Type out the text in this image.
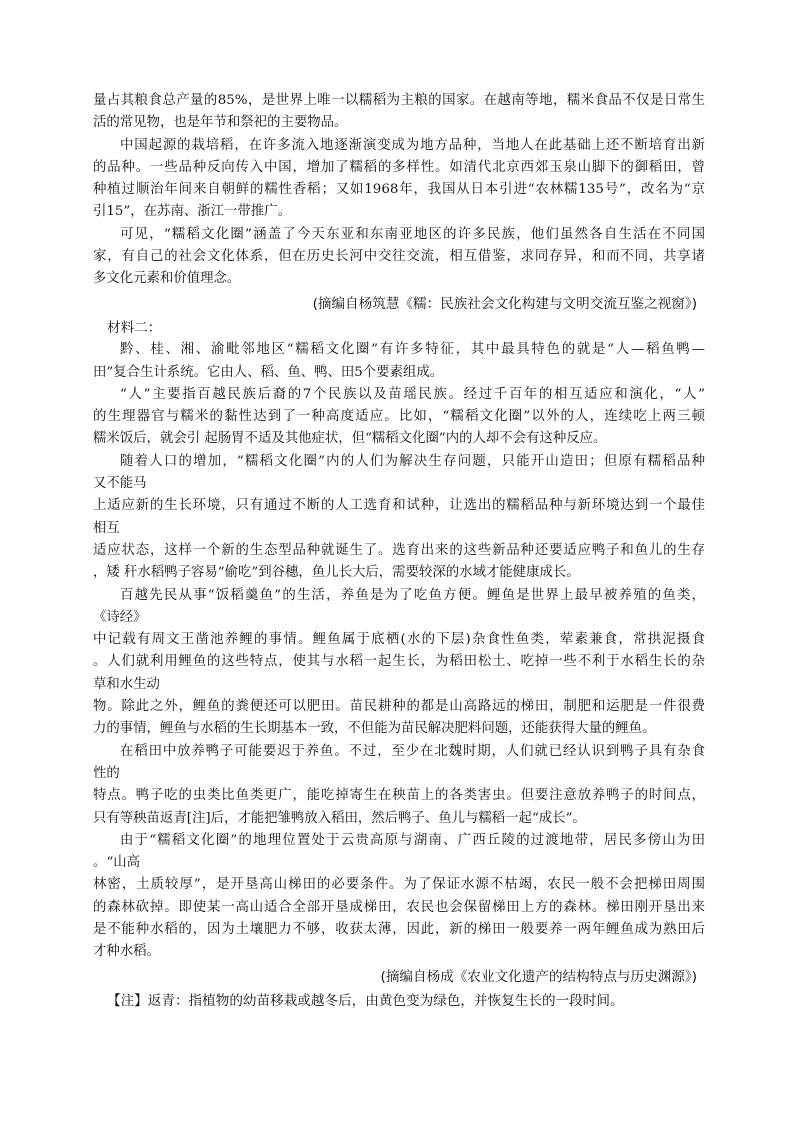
量占其粮食总产量的85%，是世界上唯一以糯稻为主粮的国家。在越南等地，糯米食品不仅是日常生
活的常见物，也是年节和祭祀的主要物品。
中国起源的栽培稻，在许多流入地逐渐演变成为地方品种，当地人在此基础上还不断培育出新
的品种。一些品种反向传入中国，增加了糯稻的多样性。如清代北京西郊玉泉山脚下的御稻田，曾
种植过顺治年间来自朝鲜的糯性香稻；又如1968年，我国从日本引进“农林糯135号”，改名为“京
引15”，在苏南、浙江一带推广。
可见，“糯稻文化圈”涵盖了今天东亚和东南亚地区的许多民族，他们虽然各自生活在不同国
家，有自己的社会文化体系，但在历史长河中交往交流，相互借鉴，求同存异，和而不同，共享诸
多文化元素和价值理念。
(摘编自杨筑慧《糯：民族社会文化构建与文明交流互鉴之视窗》)
材料二：
黔、桂、湘、渝毗邻地区“糯稻文化圈”有许多特征，其中最具特色的就是“人—稻鱼鸭—
田”复合生计系统。它由人、稻、鱼、鸭、田5个要素组成。
“人”主要指百越民族后裔的7个民族以及苗瑶民族。经过千百年的相互适应和演化，“人”
的生理器官与糯米的黏性达到了一种高度适应。比如，“糯稻文化圈”以外的人，连续吃上两三顿
糯米饭后，就会引 起肠胃不适及其他症状，但“糯稻文化圈”内的人却不会有这种反应。
随着人口的增加，“糯稻文化圈”内的人们为解决生存问题，只能开山造田；但原有糯稻品种
又不能马
上适应新的生长环境，只有通过不断的人工选育和试种，让选出的糯稻品种与新环境达到一个最佳
相互
适应状态，这样一个新的生态型品种就诞生了。选育出来的这些新品种还要适应鸭子和鱼儿的生存
，矮 秆水稻鸭子容易“偷吃”到谷穗，鱼儿长大后，需要较深的水域才能健康成长。
百越先民从事“饭稻羹鱼”的生活，养鱼是为了吃鱼方便。鲤鱼是世界上最早被养殖的鱼类，
《诗经》
中记载有周文王凿池养鲤的事情。鲤鱼属于底栖(水的下层)杂食性鱼类，荤素兼食，常拱泥摄食
。人们就利用鲤鱼的这些特点，使其与水稻一起生长，为稻田松土、吃掉一些不利于水稻生长的杂
草和水生动
物。除此之外，鲤鱼的粪便还可以肥田。苗民耕种的都是山高路远的梯田，制肥和运肥是一件很费
力的事情，鲤鱼与水稻的生长期基本一致，不但能为苗民解决肥料问题，还能获得大量的鲤鱼。
在稻田中放养鸭子可能要迟于养鱼。不过，至少在北魏时期，人们就已经认识到鸭子具有杂食
性的
特点。鸭子吃的虫类比鱼类更广，能吃掉寄生在秧苗上的各类害虫。但要注意放养鸭子的时间点，
只有等秧苗返青[注]后，才能把雏鸭放入稻田，然后鸭子、鱼儿与糯稻一起“成长”。
由于“糯稻文化圈”的地理位置处于云贵高原与湖南、广西丘陵的过渡地带，居民多傍山为田
。“山高
林密，土质较厚”，是开垦高山梯田的必要条件。为了保证水源不枯竭，农民一般不会把梯田周围
的森林砍掉。即使某一高山适合全部开垦成梯田，农民也会保留梯田上方的森林。梯田刚开垦出来
是不能种水稻的，因为土壤肥力不够，收获太薄，因此，新的梯田一般要养一两年鲤鱼成为熟田后
才种水稻。
(摘编自杨成《农业文化遗产的结构特点与历史渊源》)
【注】返青：指植物的幼苗移栽或越冬后，由黄色变为绿色，并恢复生长的一段时间。
